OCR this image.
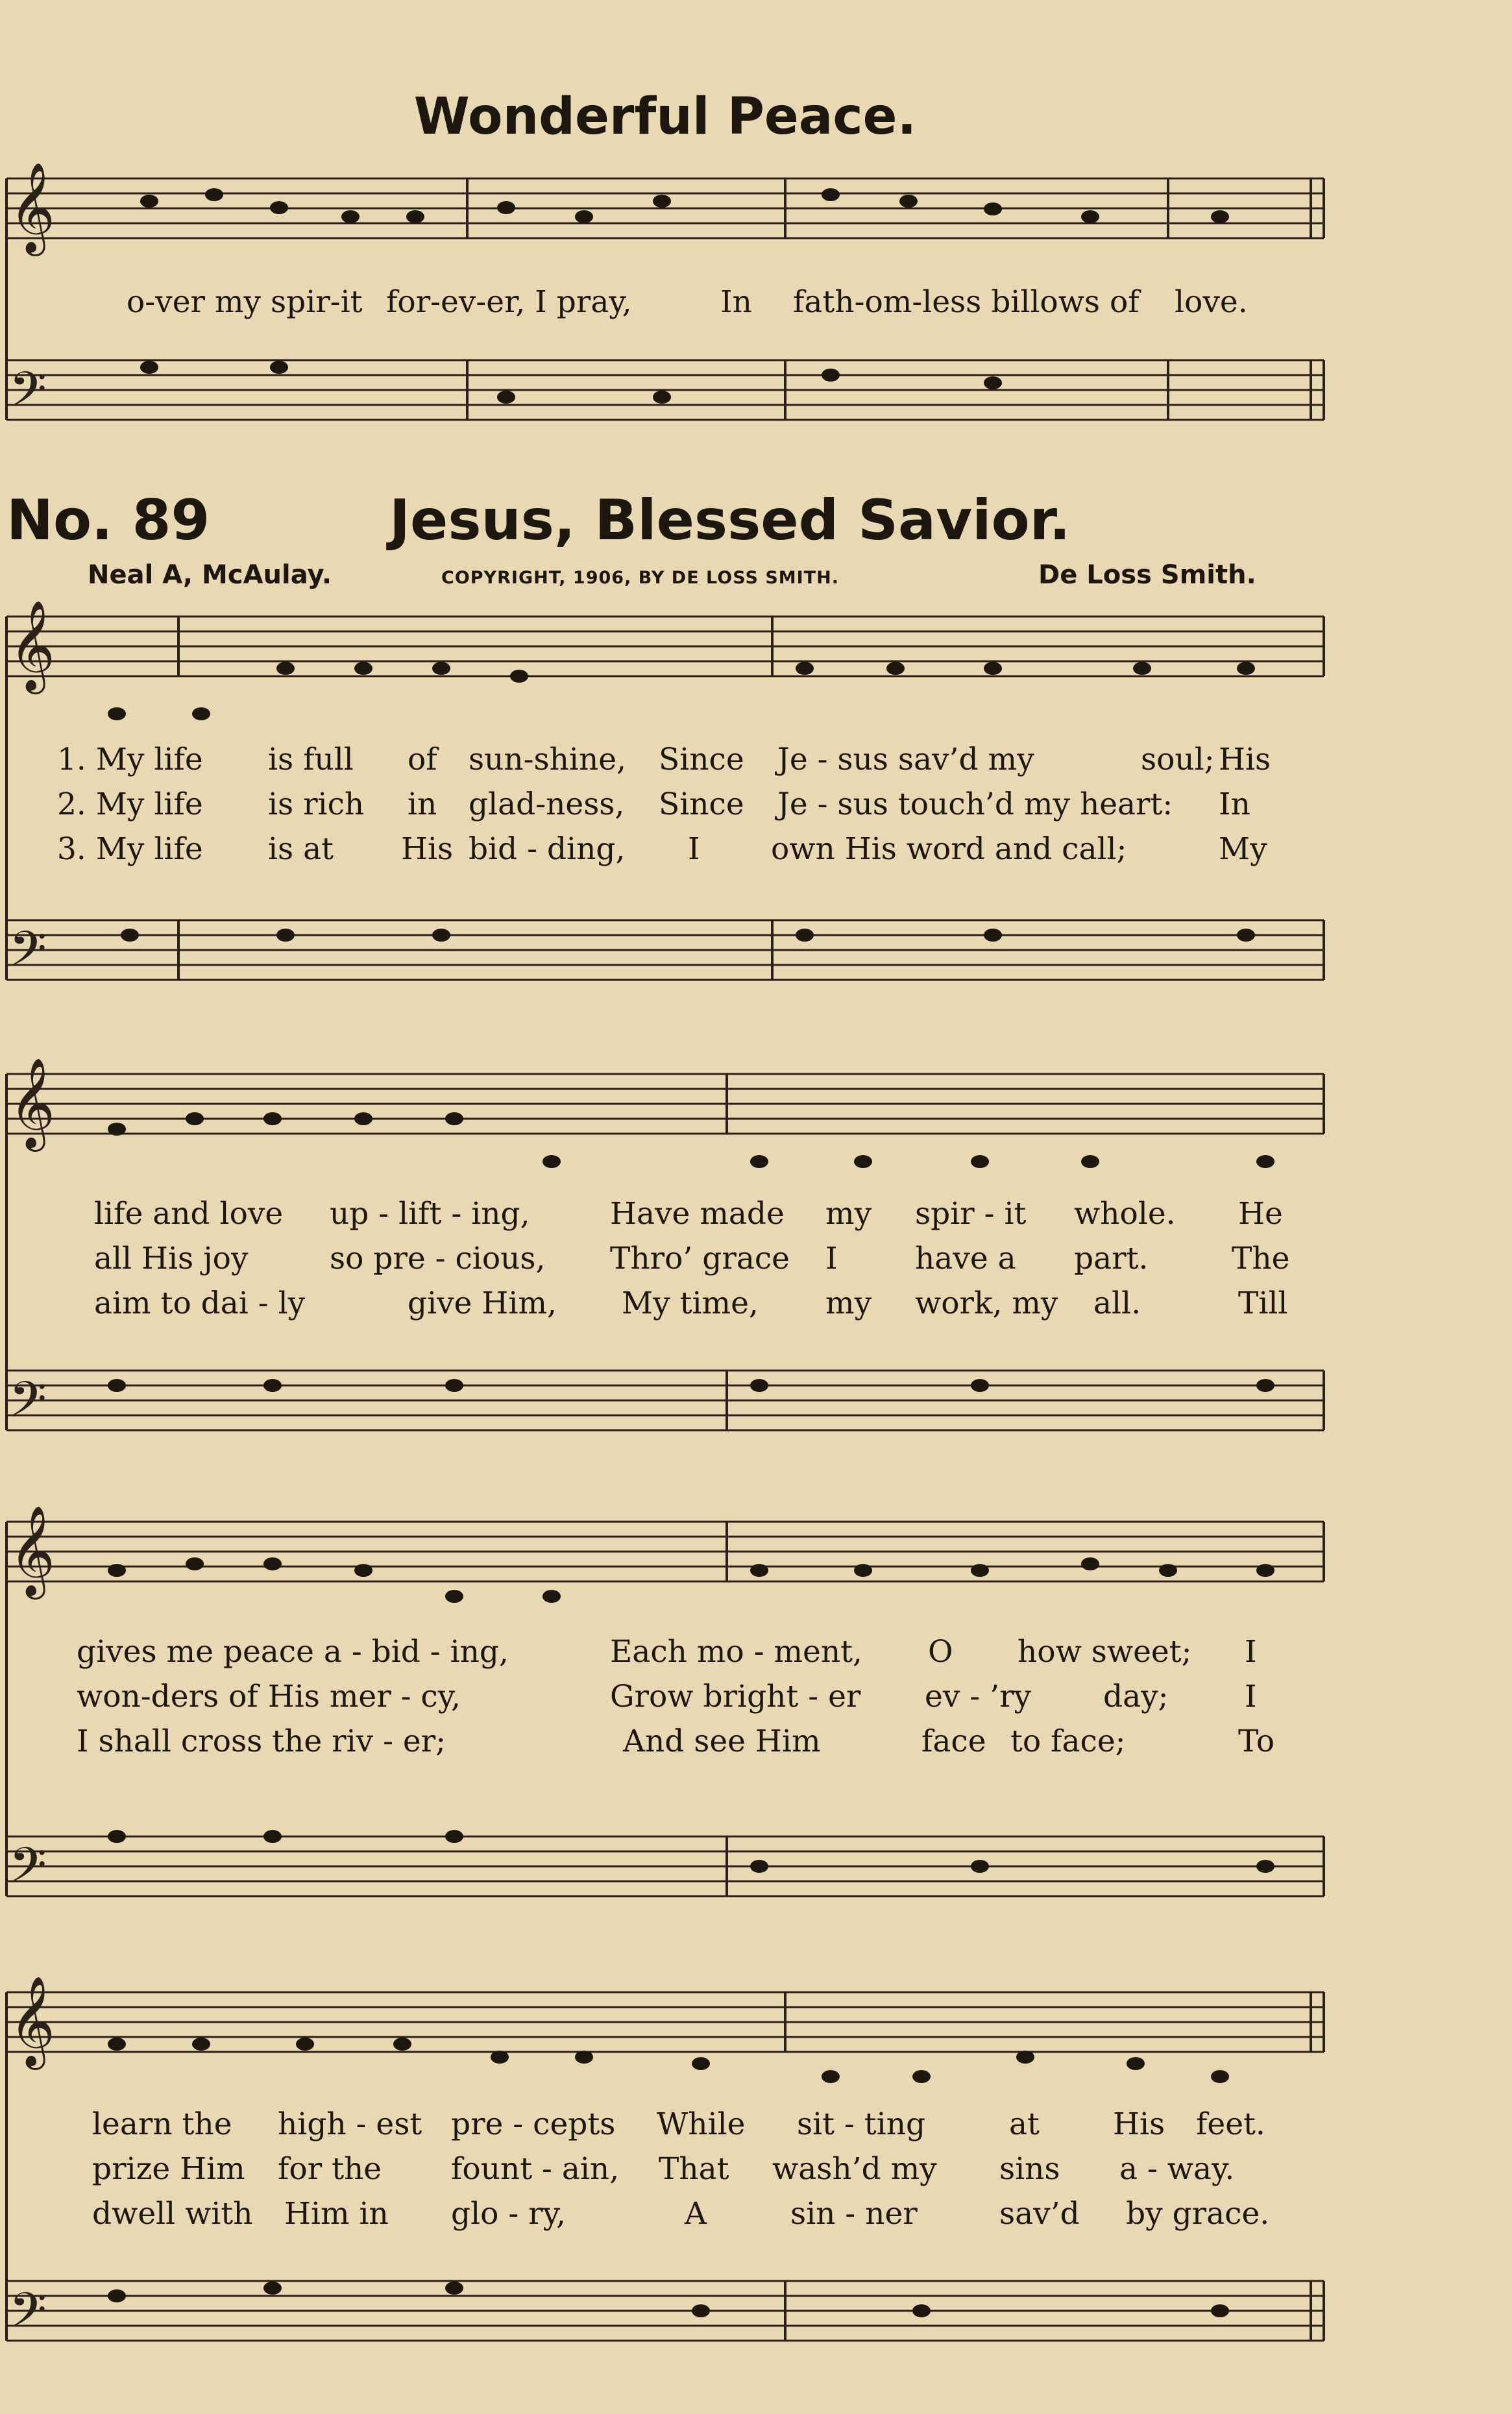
𝄞
𝄢
𝄞
𝄢
𝄞
𝄢
𝄞
𝄢
𝄞
𝄢
Wonderful Peace.
o-ver my spir-it for-ev-er, I pray,	In fath-om-less billows of love.
No. 89	Jesus, Blessed Savior.
Neal A, McAulay.	COPYRIGHT, 1906, BY DE LOSS SMITH.	De Loss Smith.
1. My life is full of sun-shine, Since Je - sus sav’d my	soul; His
2. My life is rich in glad-ness, Since Je - sus touch’d my heart: In
3. My life is at His bid - ding, I own His word and call;	My
life and love up - lift - ing,	Have made my spir - it whole. He
all His joy	so pre - cious, Thro’ grace I	have a part.	The
aim to dai - ly	give Him, My time, my work, my all.	Till
gives me peace a - bid - ing,	Each mo - ment, O how sweet; I
won-ders of His mer - cy,	Grow bright - er ev - ’ry day;	I
I shall cross the riv - er;	And see Him	face to face;	To
learn the high - est pre - cepts While sit - ting	at His feet.
prize Him for the fount - ain, That wash’d my sins a - way.
dwell with Him in glo - ry,	A	sin - ner	sav’d by grace.
